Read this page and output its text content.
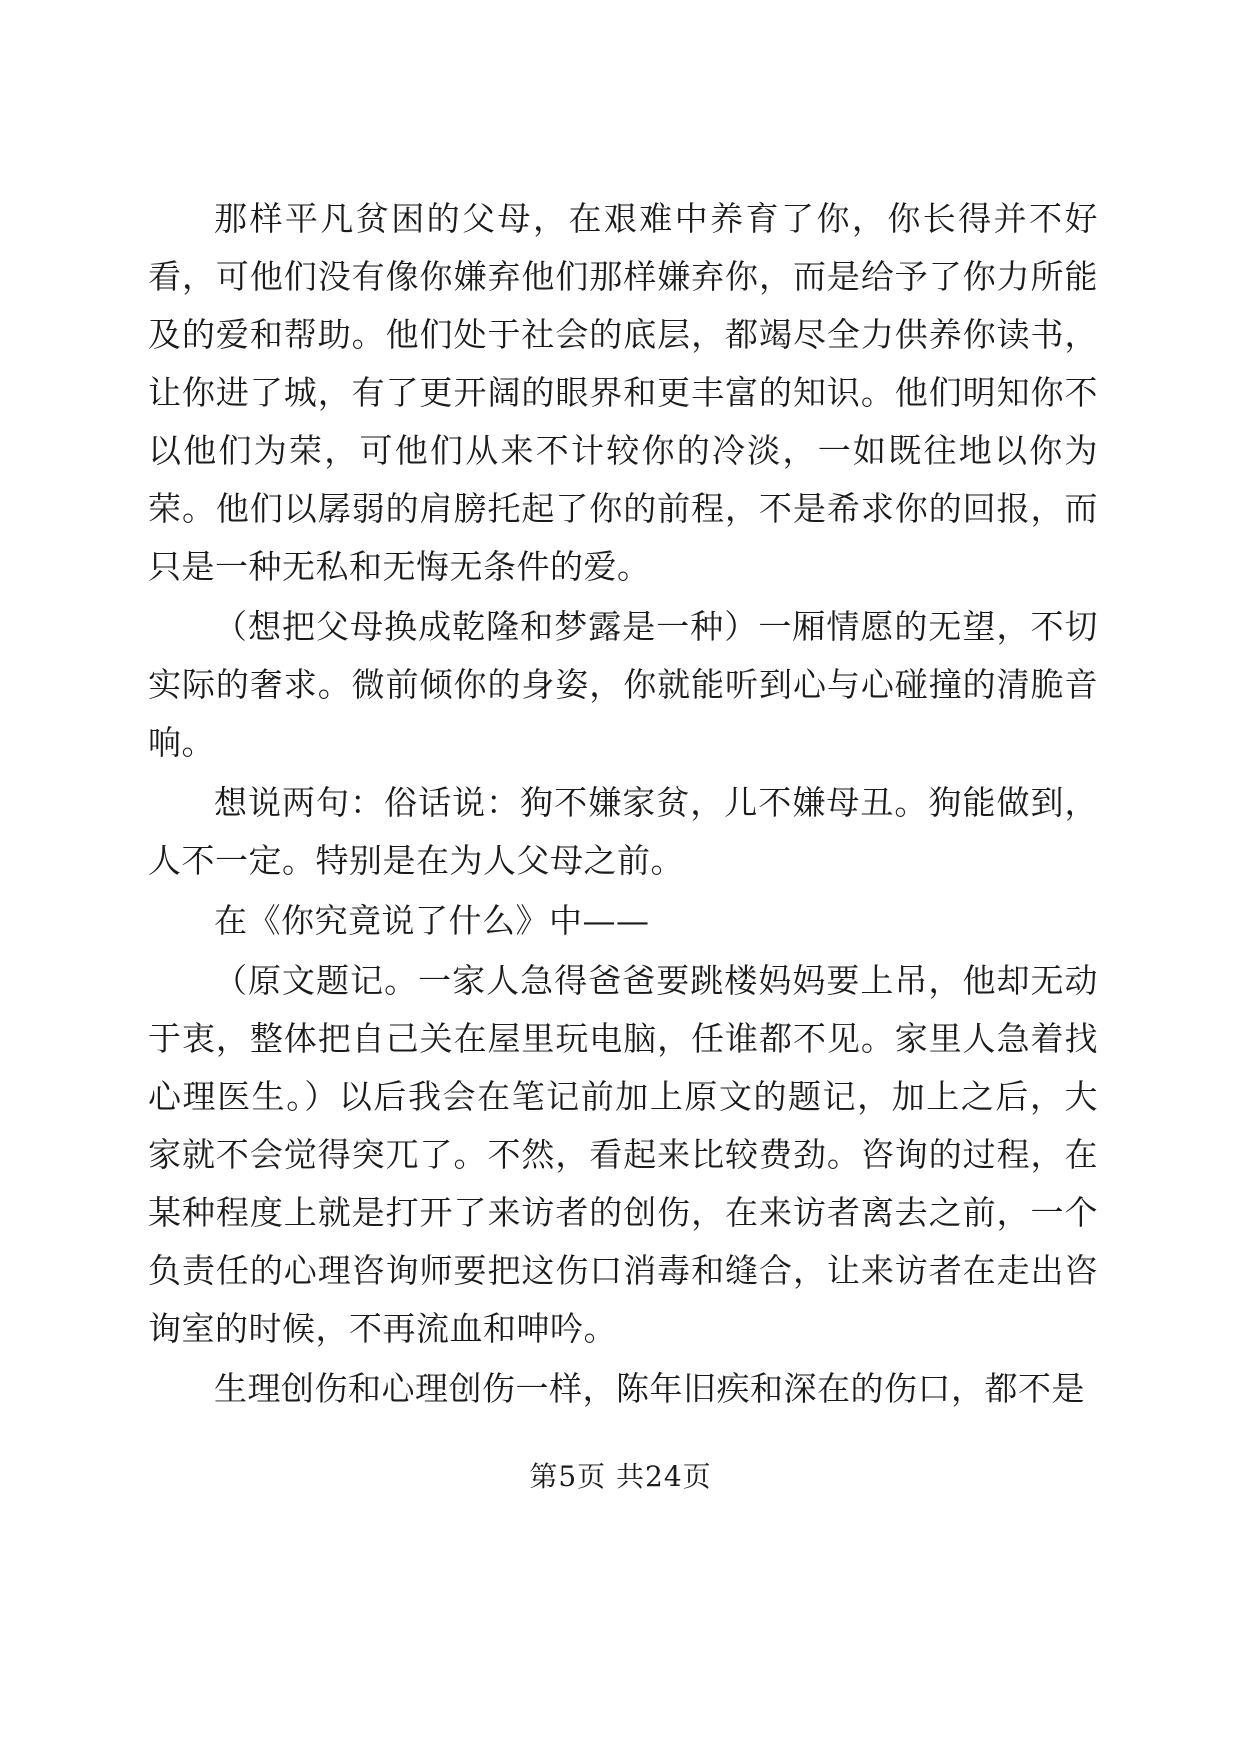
那样平凡贫困的父母，在艰难中养育了你，你长得并不好看，可他们没有像你嫌弃他们那样嫌弃你，而是给予了你力所能及的爱和帮助。他们处于社会的底层，都竭尽全力供养你读书，让你进了城，有了更开阔的眼界和更丰富的知识。他们明知你不以他们为荣，可他们从来不计较你的冷淡，一如既往地以你为荣。他们以孱弱的肩膀托起了你的前程，不是希求你的回报，而只是一种无私和无悔无条件的爱。

（想把父母换成乾隆和梦露是一种）一厢情愿的无望，不切实际的奢求。微前倾你的身姿，你就能听到心与心碰撞的清脆音响。

想说两句：俗话说：狗不嫌家贫，儿不嫌母丑。狗能做到，人不一定。特别是在为人父母之前。

在《你究竟说了什么》中——

（原文题记。一家人急得爸爸要跳楼妈妈要上吊，他却无动于衷，整体把自己关在屋里玩电脑，任谁都不见。家里人急着找心理医生。）以后我会在笔记前加上原文的题记，加上之后，大家就不会觉得突兀了。不然，看起来比较费劲。咨询的过程，在某种程度上就是打开了来访者的创伤，在来访者离去之前，一个负责任的心理咨询师要把这伤口消毒和缝合，让来访者在走出咨询室的时候，不再流血和呻吟。

生理创伤和心理创伤一样，陈年旧疾和深在的伤口，都不是

第5页 共24页
